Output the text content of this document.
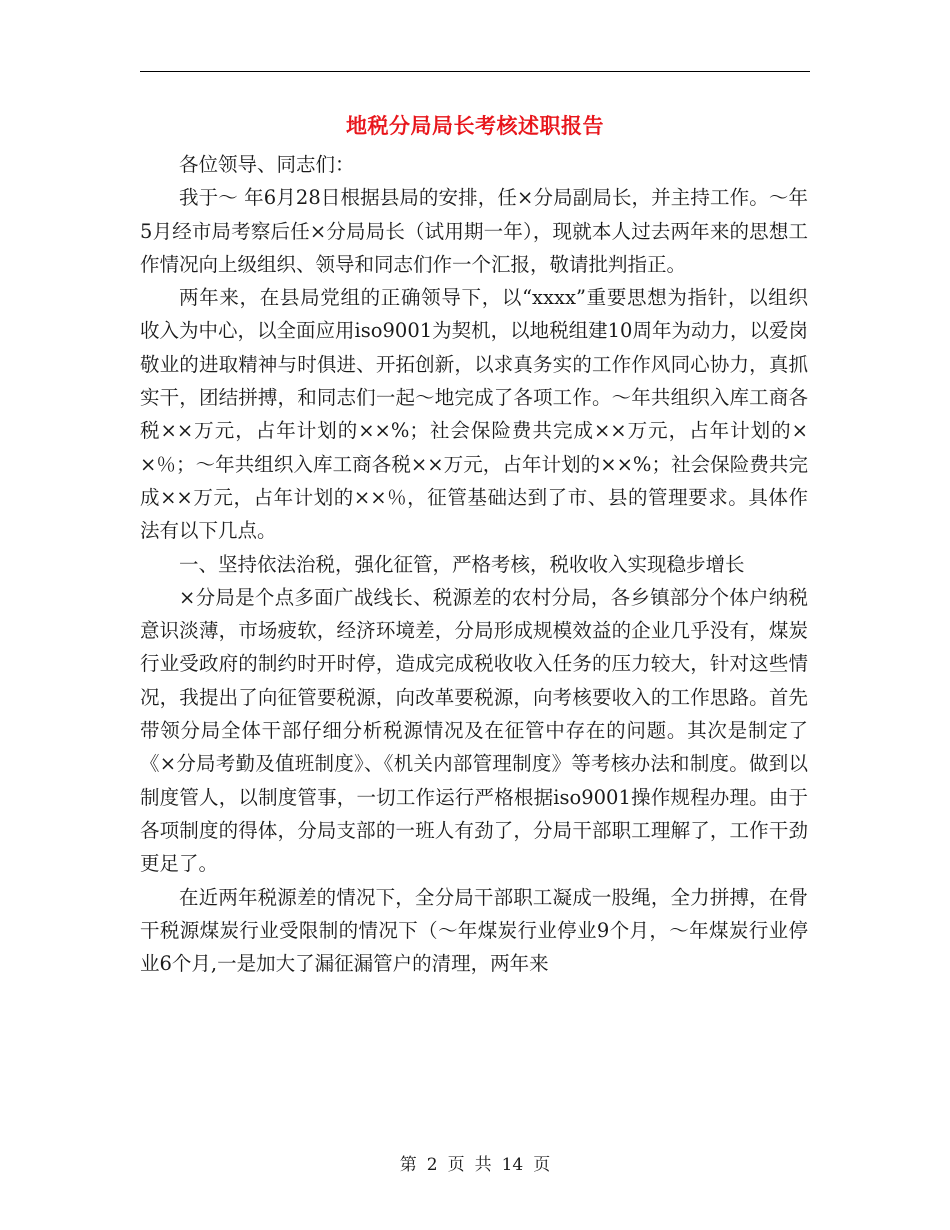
地税分局局长考核述职报告

各位领导、同志们：

我于～ 年6月28日根据县局的安排，任×分局副局长，并主持工作。～年5月经市局考察后任×分局局长（试用期一年），现就本人过去两年来的思想工作情况向上级组织、领导和同志们作一个汇报，敬请批判指正。

两年来，在县局党组的正确领导下，以“xxxx”重要思想为指针，以组织收入为中心，以全面应用iso9001为契机，以地税组建10周年为动力，以爱岗敬业的进取精神与时俱进、开拓创新，以求真务实的工作作风同心协力，真抓实干，团结拼搏，和同志们一起～地完成了各项工作。～年共组织入库工商各税××万元，占年计划的××%；社会保险费共完成××万元，占年计划的××％；～年共组织入库工商各税××万元，占年计划的××%；社会保险费共完成××万元，占年计划的××％，征管基础达到了市、县的管理要求。具体作法有以下几点。

一、坚持依法治税，强化征管，严格考核，税收收入实现稳步增长

×分局是个点多面广战线长、税源差的农村分局，各乡镇部分个体户纳税意识淡薄，市场疲软，经济环境差，分局形成规模效益的企业几乎没有，煤炭行业受政府的制约时开时停，造成完成税收收入任务的压力较大，针对这些情况，我提出了向征管要税源，向改革要税源，向考核要收入的工作思路。首先带领分局全体干部仔细分析税源情况及在征管中存在的问题。其次是制定了《×分局考勤及值班制度》、《机关内部管理制度》等考核办法和制度。做到以制度管人，以制度管事，一切工作运行严格根据iso9001操作规程办理。由于各项制度的得体，分局支部的一班人有劲了，分局干部职工理解了，工作干劲更足了。

在近两年税源差的情况下，全分局干部职工凝成一股绳，全力拼搏，在骨干税源煤炭行业受限制的情况下（～年煤炭行业停业9个月，～年煤炭行业停业6个月,一是加大了漏征漏管户的清理，两年来

第 2 页 共 14 页
